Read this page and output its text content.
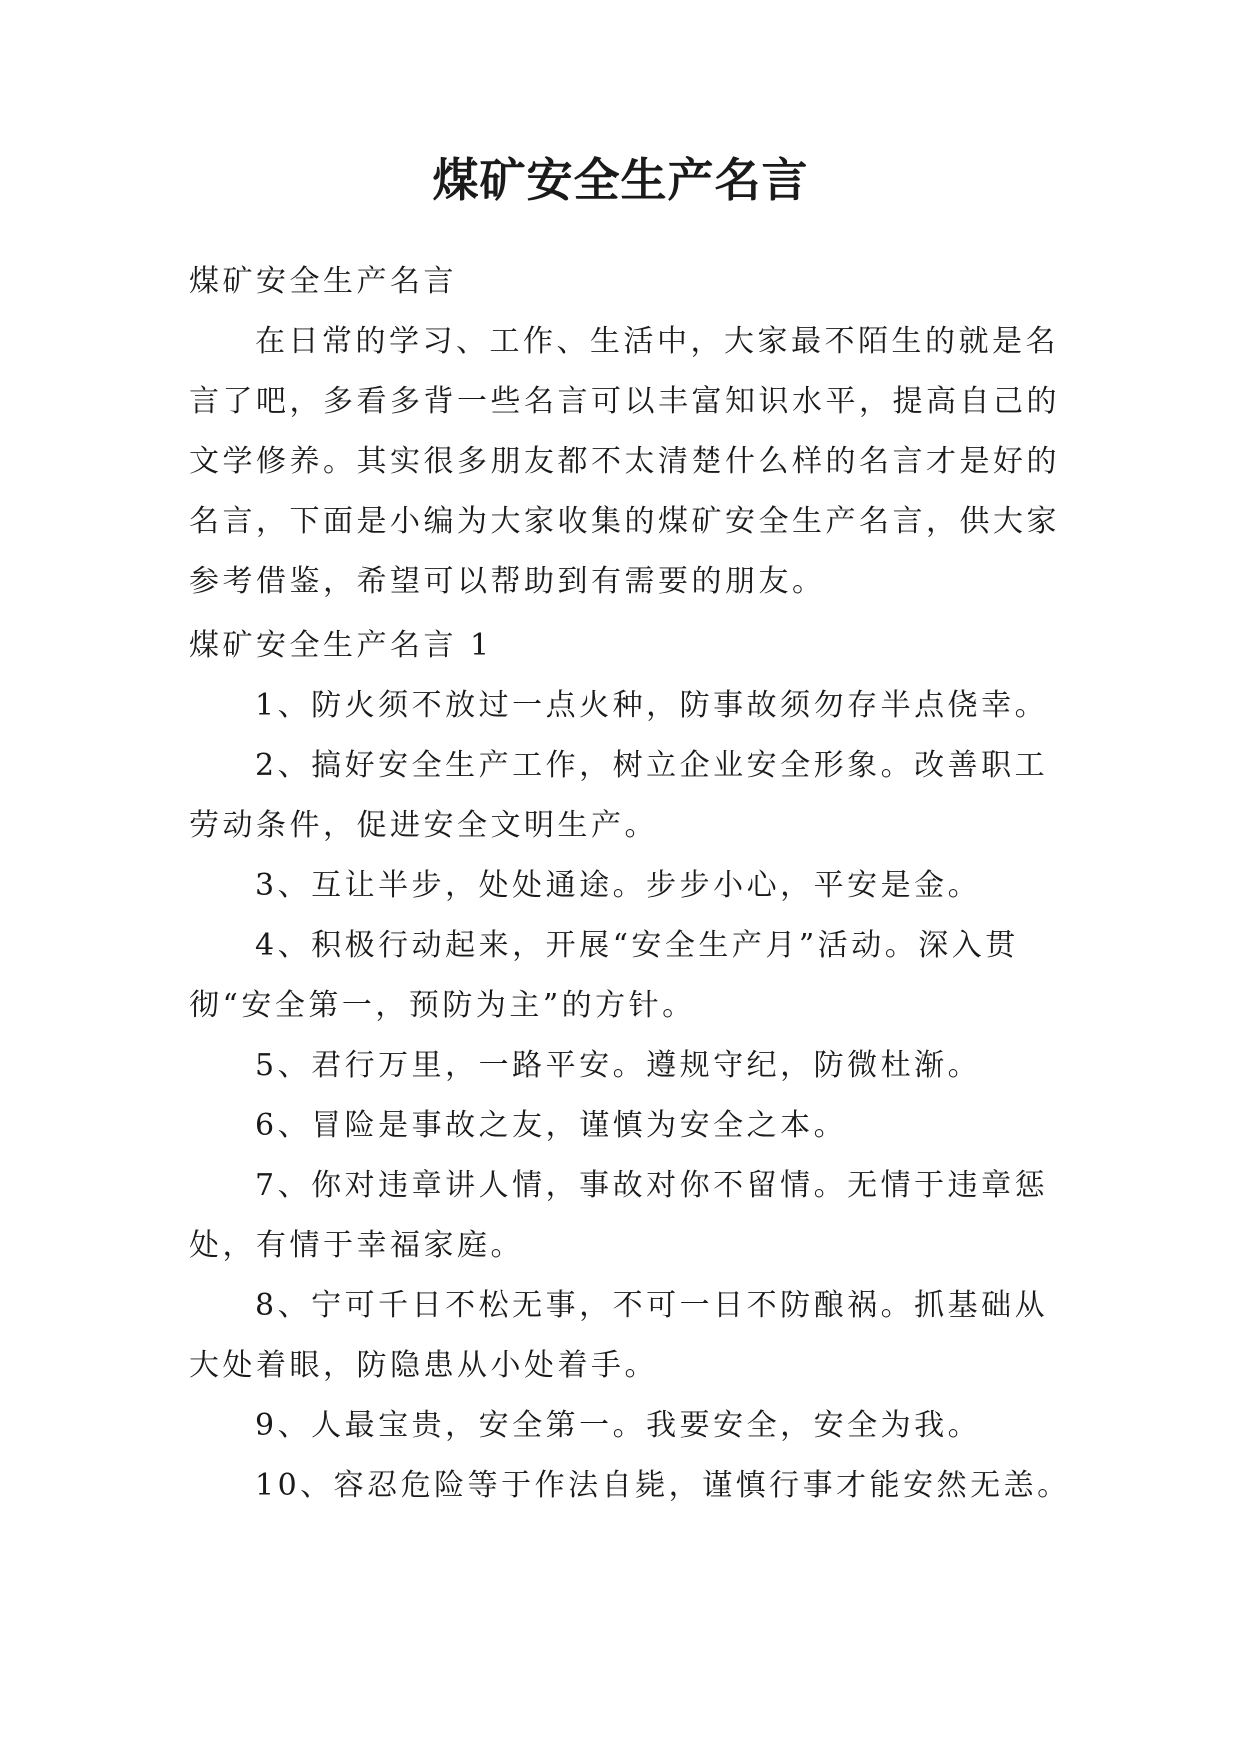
煤矿安全生产名言
煤矿安全生产名言
在日常的学习、工作、生活中，大家最不陌生的就是名
言了吧，多看多背一些名言可以丰富知识水平，提高自己的
文学修养。其实很多朋友都不太清楚什么样的名言才是好的
名言，下面是小编为大家收集的煤矿安全生产名言，供大家
参考借鉴，希望可以帮助到有需要的朋友。
煤矿安全生产名言 1
1、防火须不放过一点火种，防事故须勿存半点侥幸。
2、搞好安全生产工作，树立企业安全形象。改善职工
劳动条件，促进安全文明生产。
3、互让半步，处处通途。步步小心，平安是金。
4、积极行动起来，开展“安全生产月”活动。深入贯
彻“安全第一，预防为主”的方针。
5、君行万里，一路平安。遵规守纪，防微杜渐。
6、冒险是事故之友，谨慎为安全之本。
7、你对违章讲人情，事故对你不留情。无情于违章惩
处，有情于幸福家庭。
8、宁可千日不松无事，不可一日不防酿祸。抓基础从
大处着眼，防隐患从小处着手。
9、人最宝贵，安全第一。我要安全，安全为我。
10、容忍危险等于作法自毙，谨慎行事才能安然无恙。
